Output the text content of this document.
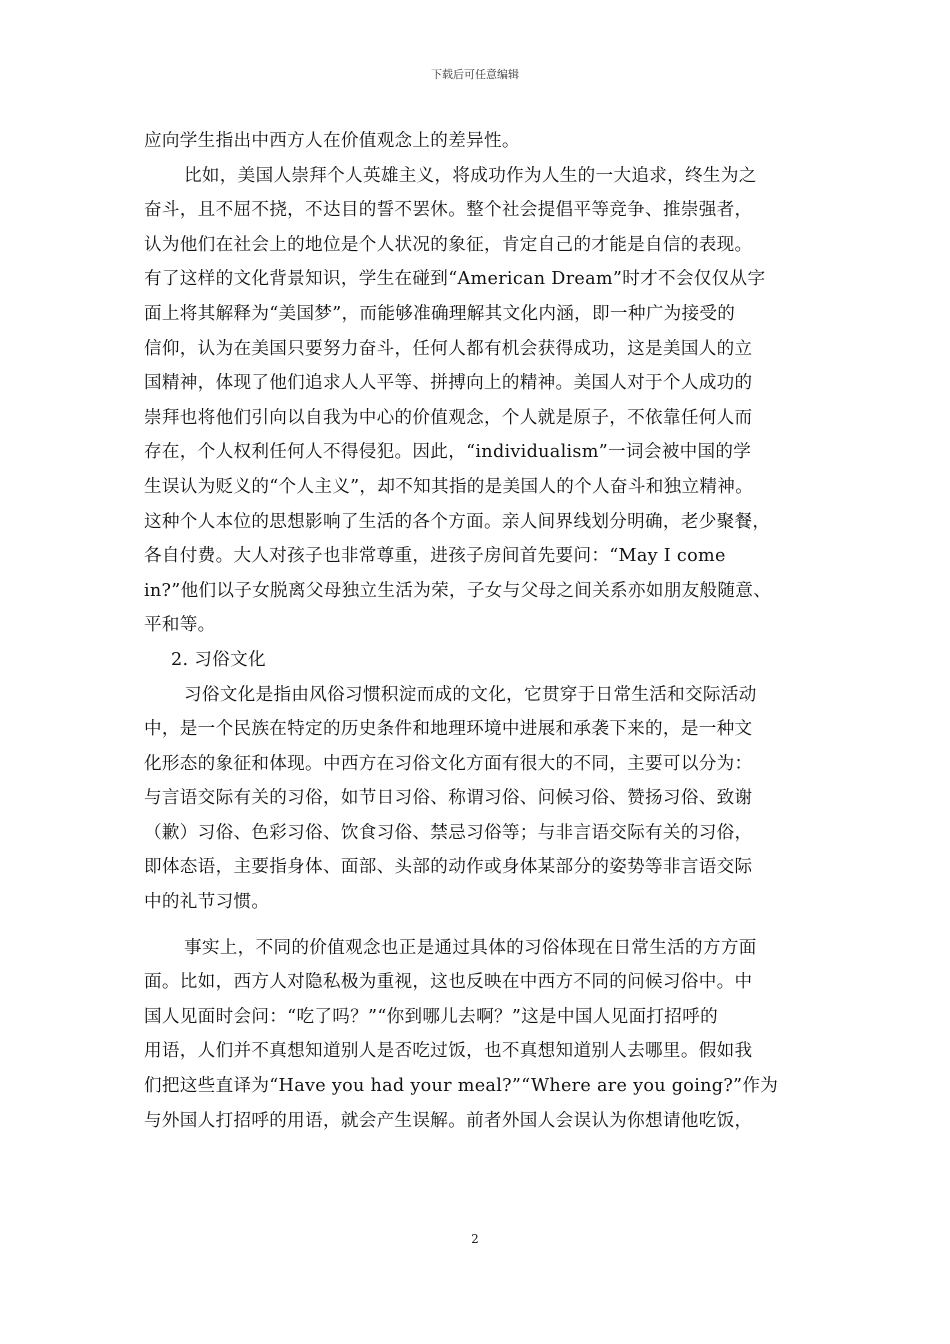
下载后可任意编辑
应向学生指出中西方人在价值观念上的差异性。
比如，美国人崇拜个人英雄主义，将成功作为人生的一大追求，终生为之
奋斗，且不屈不挠，不达目的誓不罢休。整个社会提倡平等竞争、推崇强者，
认为他们在社会上的地位是个人状况的象征，肯定自己的才能是自信的表现。
有了这样的文化背景知识，学生在碰到“American Dream”时才不会仅仅从字
面上将其解释为“美国梦”，而能够准确理解其文化内涵，即一种广为接受的
信仰，认为在美国只要努力奋斗，任何人都有机会获得成功，这是美国人的立
国精神，体现了他们追求人人平等、拼搏向上的精神。美国人对于个人成功的
崇拜也将他们引向以自我为中心的价值观念，个人就是原子，不依靠任何人而
存在，个人权利任何人不得侵犯。因此，“individualism”一词会被中国的学
生误认为贬义的“个人主义”，却不知其指的是美国人的个人奋斗和独立精神。
这种个人本位的思想影响了生活的各个方面。亲人间界线划分明确，老少聚餐，
各自付费。大人对孩子也非常尊重，进孩子房间首先要问：“May I come
in?”他们以子女脱离父母独立生活为荣，子女与父母之间关系亦如朋友般随意、
平和等。
2. 习俗文化
习俗文化是指由风俗习惯积淀而成的文化，它贯穿于日常生活和交际活动
中，是一个民族在特定的历史条件和地理环境中进展和承袭下来的，是一种文
化形态的象征和体现。中西方在习俗文化方面有很大的不同，主要可以分为：
与言语交际有关的习俗，如节日习俗、称谓习俗、问候习俗、赞扬习俗、致谢
（歉）习俗、色彩习俗、饮食习俗、禁忌习俗等；与非言语交际有关的习俗，
即体态语，主要指身体、面部、头部的动作或身体某部分的姿势等非言语交际
中的礼节习惯。
事实上，不同的价值观念也正是通过具体的习俗体现在日常生活的方方面
面。比如，西方人对隐私极为重视，这也反映在中西方不同的问候习俗中。中
国人见面时会问：“吃了吗？”“你到哪儿去啊？”这是中国人见面打招呼的
用语，人们并不真想知道别人是否吃过饭，也不真想知道别人去哪里。假如我
们把这些直译为“Have you had your meal?”“Where are you going?”作为
与外国人打招呼的用语，就会产生误解。前者外国人会误认为你想请他吃饭，
2
